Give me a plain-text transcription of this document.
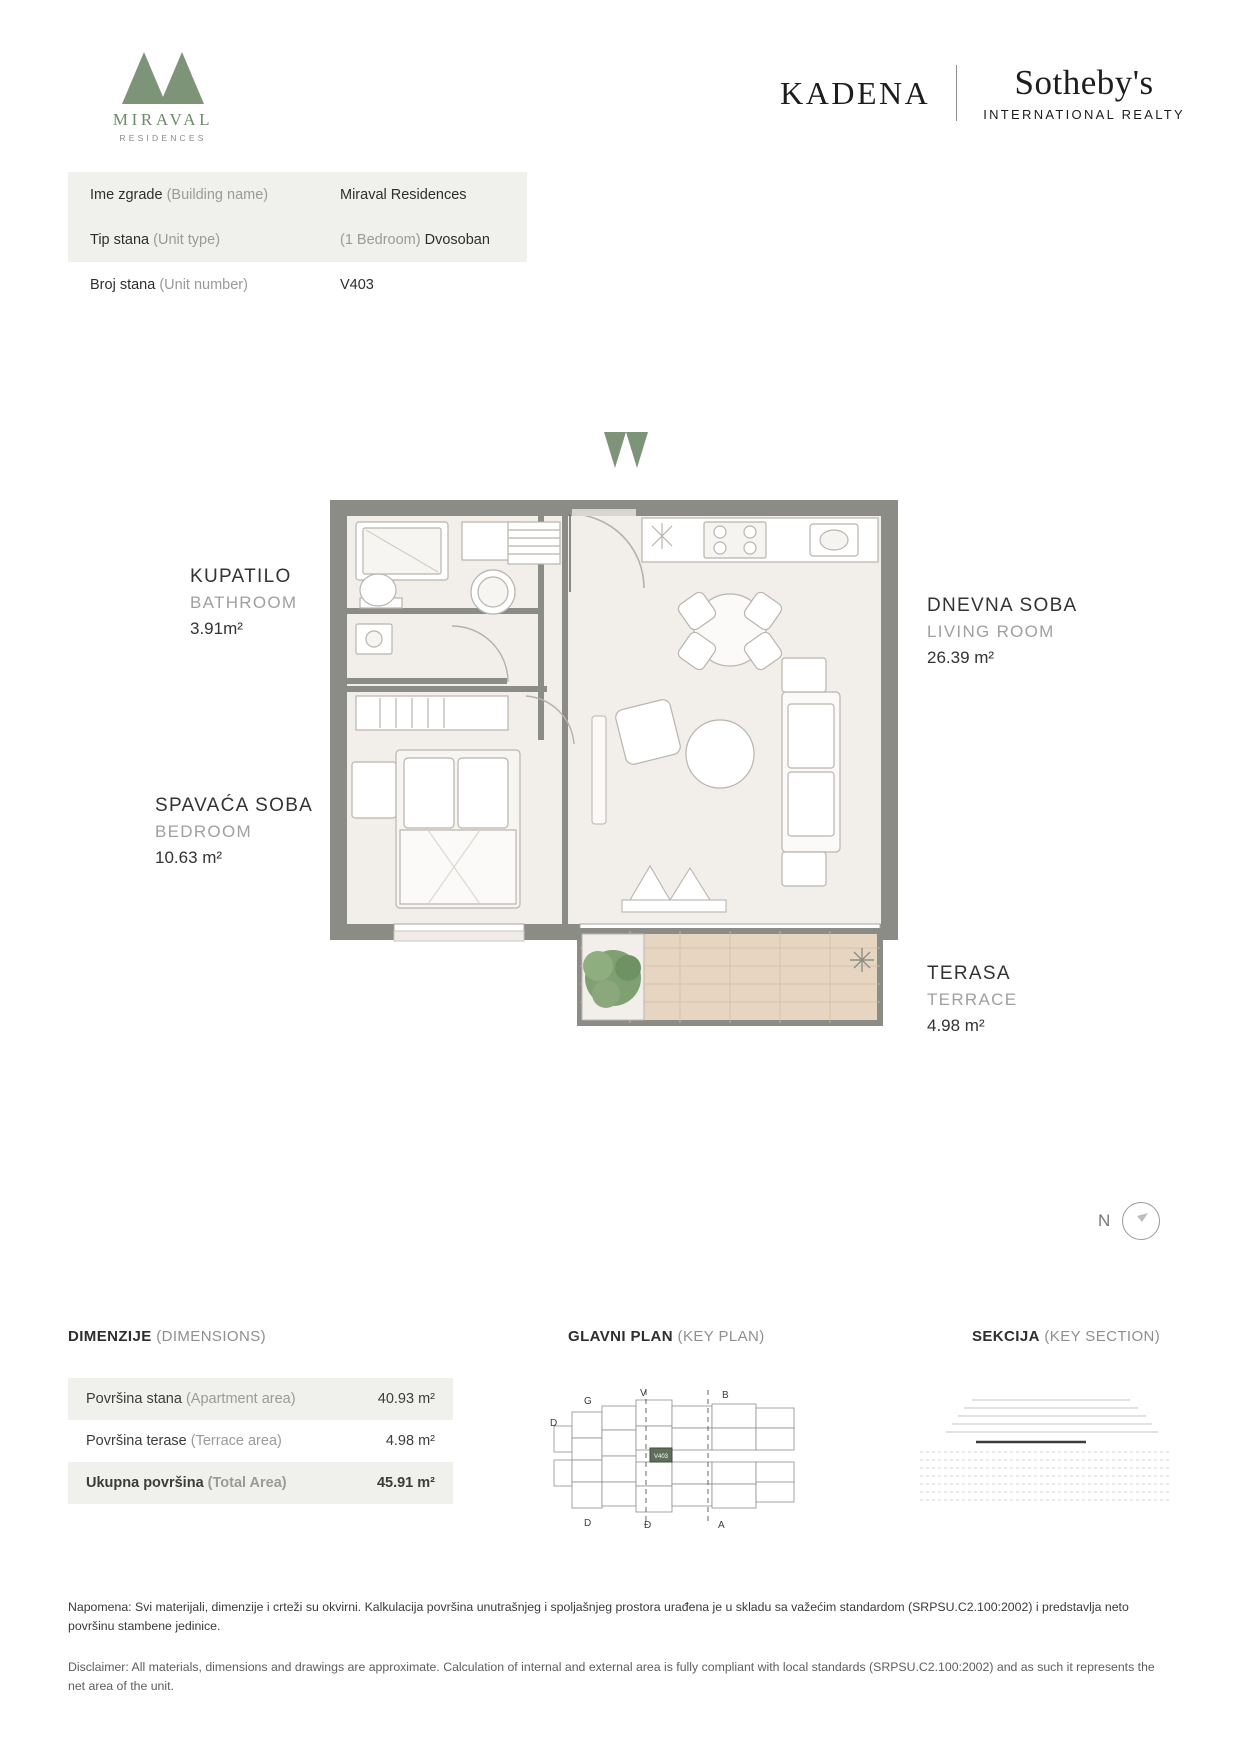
MIRAVAL
RESIDENCES
KADENA	Sotheby's
INTERNATIONAL REALTY
Ime zgrade (Building name)	Miraval Residences
Tip stana (Unit type)	(1 Bedroom) Dvosoban
Broj stana (Unit number)	V403
KUPATILO
BATHROOM
3.91m²
SPAVAĆA SOBA
BEDROOM
10.63 m²
DNEVNA SOBA
LIVING ROOM
26.39 m²
TERASA
TERRACE
4.98 m²
N
DIMENZIJE (DIMENSIONS)
Površina stana (Apartment area)	40.93 m²
Površina terase (Terrace area)	4.98 m²
Ukupna površina (Total Area)	45.91 m²
GLAVNI PLAN (KEY PLAN)
V403
D
G
V	B
D	Đ	A
SEKCIJA (KEY SECTION)
Napomena: Svi materijali, dimenzije i crteži su okvirni. Kalkulacija površina unutrašnjeg i spoljašnjeg prostora urađena je u skladu sa važećim standardom (SRPSU.C2.100:2002) i predstavlja neto površinu stambene jedinice.
Disclaimer: All materials, dimensions and drawings are approximate. Calculation of internal and external area is fully compliant with local standards (SRPSU.C2.100:2002) and as such it represents the net area of the unit.
